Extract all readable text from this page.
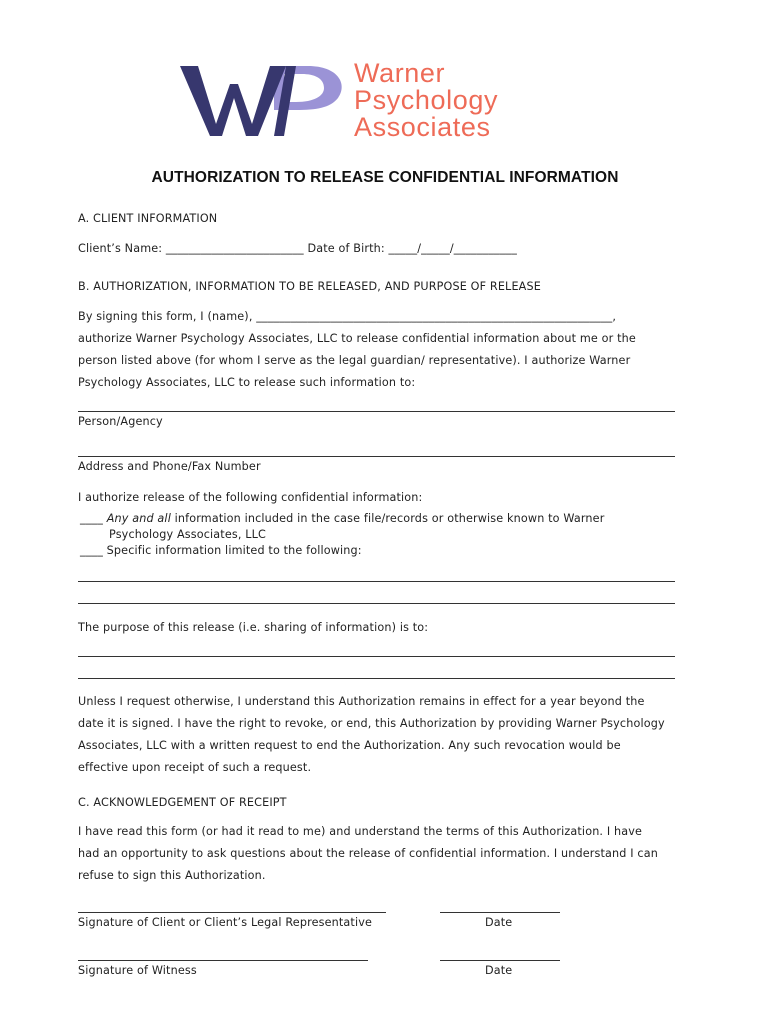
Warner
Psychology
Associates
AUTHORIZATION TO RELEASE CONFIDENTIAL INFORMATION
A. CLIENT INFORMATION
Client’s Name: ________________________ Date of Birth: _____/_____/___________
B. AUTHORIZATION, INFORMATION TO BE RELEASED, AND PURPOSE OF RELEASE
By signing this form, I (name), ______________________________________________________________,
authorize Warner Psychology Associates, LLC to release confidential information about me or the
person listed above (for whom I serve as the legal guardian/ representative). I authorize Warner
Psychology Associates, LLC to release such information to:
Person/Agency
Address and Phone/Fax Number
I authorize release of the following confidential information:
____ Any and all information included in the case file/records or otherwise known to Warner
Psychology Associates, LLC
____ Specific information limited to the following:
The purpose of this release (i.e. sharing of information) is to:
Unless I request otherwise, I understand this Authorization remains in effect for a year beyond the
date it is signed. I have the right to revoke, or end, this Authorization by providing Warner Psychology
Associates, LLC with a written request to end the Authorization. Any such revocation would be
effective upon receipt of such a request.
C. ACKNOWLEDGEMENT OF RECEIPT
I have read this form (or had it read to me) and understand the terms of this Authorization. I have
had an opportunity to ask questions about the release of confidential information. I understand I can
refuse to sign this Authorization.
Signature of Client or Client’s Legal Representative	Date
Signature of Witness	Date
